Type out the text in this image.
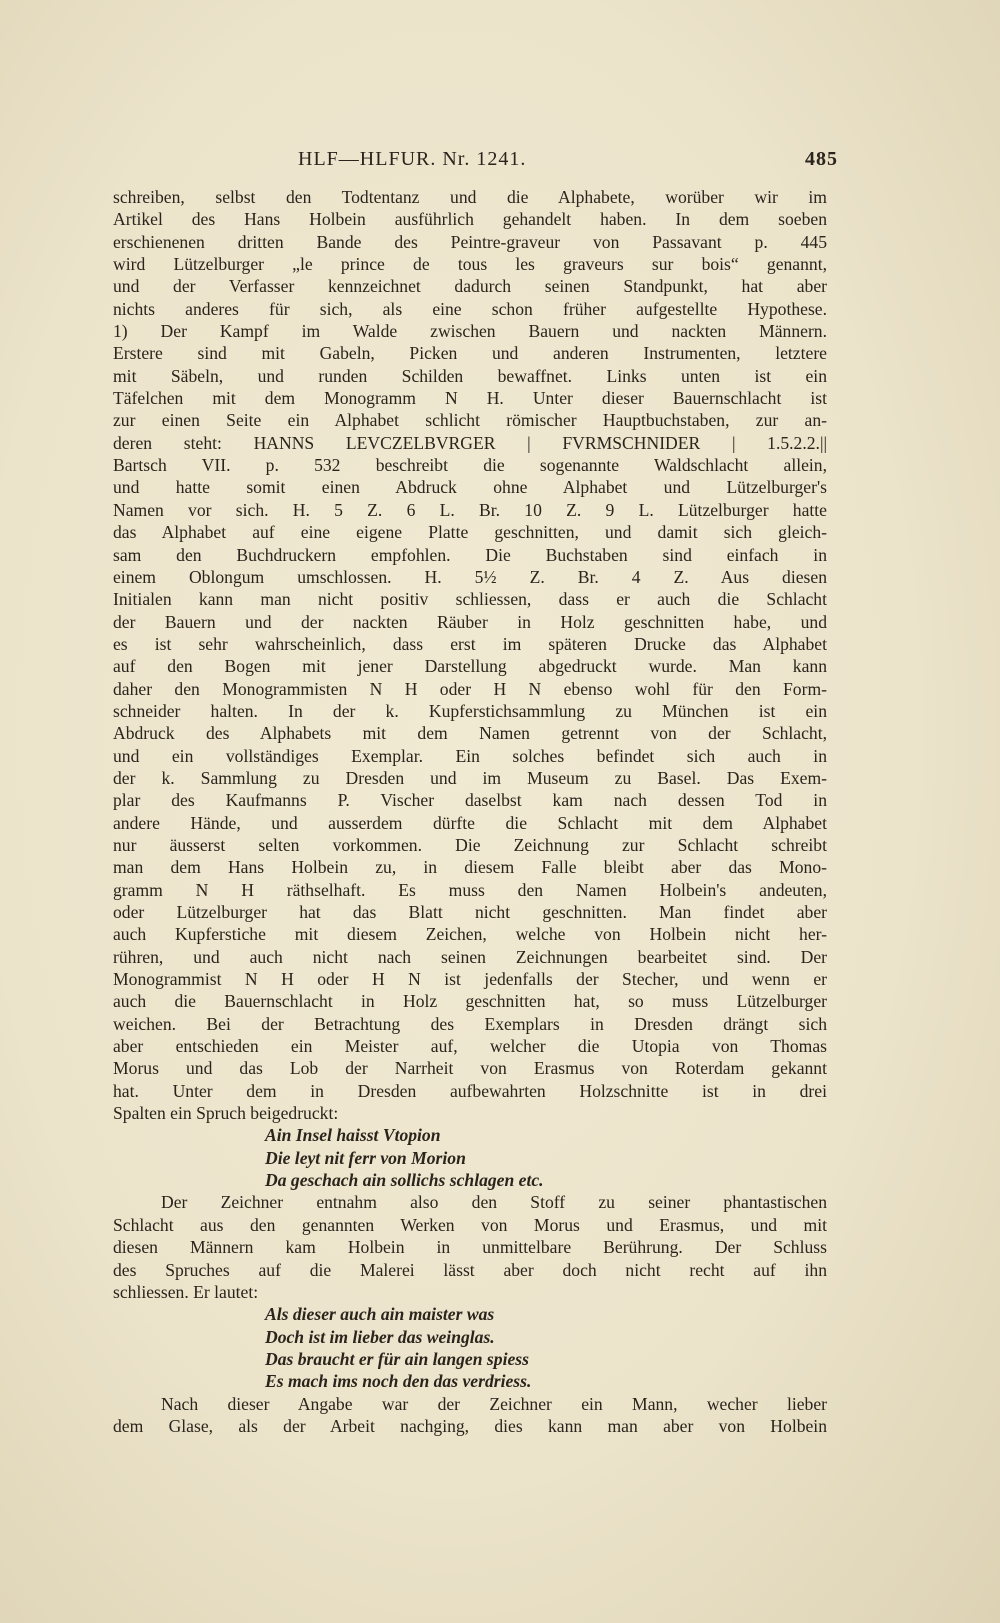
HLF—HLFUR. Nr. 1241.	485
schreiben, selbst den Todtentanz und die Alphabete, worüber wir im
Artikel des Hans Holbein ausführlich gehandelt haben. In dem soeben
erschienenen dritten Bande des Peintre-graveur von Passavant p. 445
wird Lützelburger „le prince de tous les graveurs sur bois“ genannt,
und der Verfasser kennzeichnet dadurch seinen Standpunkt, hat aber
nichts anderes für sich, als eine schon früher aufgestellte Hypothese.
1) Der Kampf im Walde zwischen Bauern und nackten Männern.
Erstere sind mit Gabeln, Picken und anderen Instrumenten, letztere
mit Säbeln, und runden Schilden bewaffnet. Links unten ist ein
Täfelchen mit dem Monogramm N H. Unter dieser Bauernschlacht ist
zur einen Seite ein Alphabet schlicht römischer Hauptbuchstaben, zur an-
deren steht: HANNS LEVCZELBVRGER | FVRMSCHNIDER | 1.5.2.2.||
Bartsch VII. p. 532 beschreibt die sogenannte Waldschlacht allein,
und hatte somit einen Abdruck ohne Alphabet und Lützelburger's
Namen vor sich. H. 5 Z. 6 L. Br. 10 Z. 9 L. Lützelburger hatte
das Alphabet auf eine eigene Platte geschnitten, und damit sich gleich-
sam den Buchdruckern empfohlen. Die Buchstaben sind einfach in
einem Oblongum umschlossen. H. 5½ Z. Br. 4 Z. Aus diesen
Initialen kann man nicht positiv schliessen, dass er auch die Schlacht
der Bauern und der nackten Räuber in Holz geschnitten habe, und
es ist sehr wahrscheinlich, dass erst im späteren Drucke das Alphabet
auf den Bogen mit jener Darstellung abgedruckt wurde. Man kann
daher den Monogrammisten N H oder H N ebenso wohl für den Form-
schneider halten. In der k. Kupferstichsammlung zu München ist ein
Abdruck des Alphabets mit dem Namen getrennt von der Schlacht,
und ein vollständiges Exemplar. Ein solches befindet sich auch in
der k. Sammlung zu Dresden und im Museum zu Basel. Das Exem-
plar des Kaufmanns P. Vischer daselbst kam nach dessen Tod in
andere Hände, und ausserdem dürfte die Schlacht mit dem Alphabet
nur äusserst selten vorkommen. Die Zeichnung zur Schlacht schreibt
man dem Hans Holbein zu, in diesem Falle bleibt aber das Mono-
gramm N H räthselhaft. Es muss den Namen Holbein's andeuten,
oder Lützelburger hat das Blatt nicht geschnitten. Man findet aber
auch Kupferstiche mit diesem Zeichen, welche von Holbein nicht her-
rühren, und auch nicht nach seinen Zeichnungen bearbeitet sind. Der
Monogrammist N H oder H N ist jedenfalls der Stecher, und wenn er
auch die Bauernschlacht in Holz geschnitten hat, so muss Lützelburger
weichen. Bei der Betrachtung des Exemplars in Dresden drängt sich
aber entschieden ein Meister auf, welcher die Utopia von Thomas
Morus und das Lob der Narrheit von Erasmus von Roterdam gekannt
hat. Unter dem in Dresden aufbewahrten Holzschnitte ist in drei
Spalten ein Spruch beigedruckt:
Ain Insel haisst Vtopion
Die leyt nit ferr von Morion
Da geschach ain sollichs schlagen etc.
Der Zeichner entnahm also den Stoff zu seiner phantastischen
Schlacht aus den genannten Werken von Morus und Erasmus, und mit
diesen Männern kam Holbein in unmittelbare Berührung. Der Schluss
des Spruches auf die Malerei lässt aber doch nicht recht auf ihn
schliessen. Er lautet:
Als dieser auch ain maister was
Doch ist im lieber das weinglas.
Das braucht er für ain langen spiess
Es mach ims noch den das verdriess.
Nach dieser Angabe war der Zeichner ein Mann, wecher lieber
dem Glase, als der Arbeit nachging, dies kann man aber von Holbein
